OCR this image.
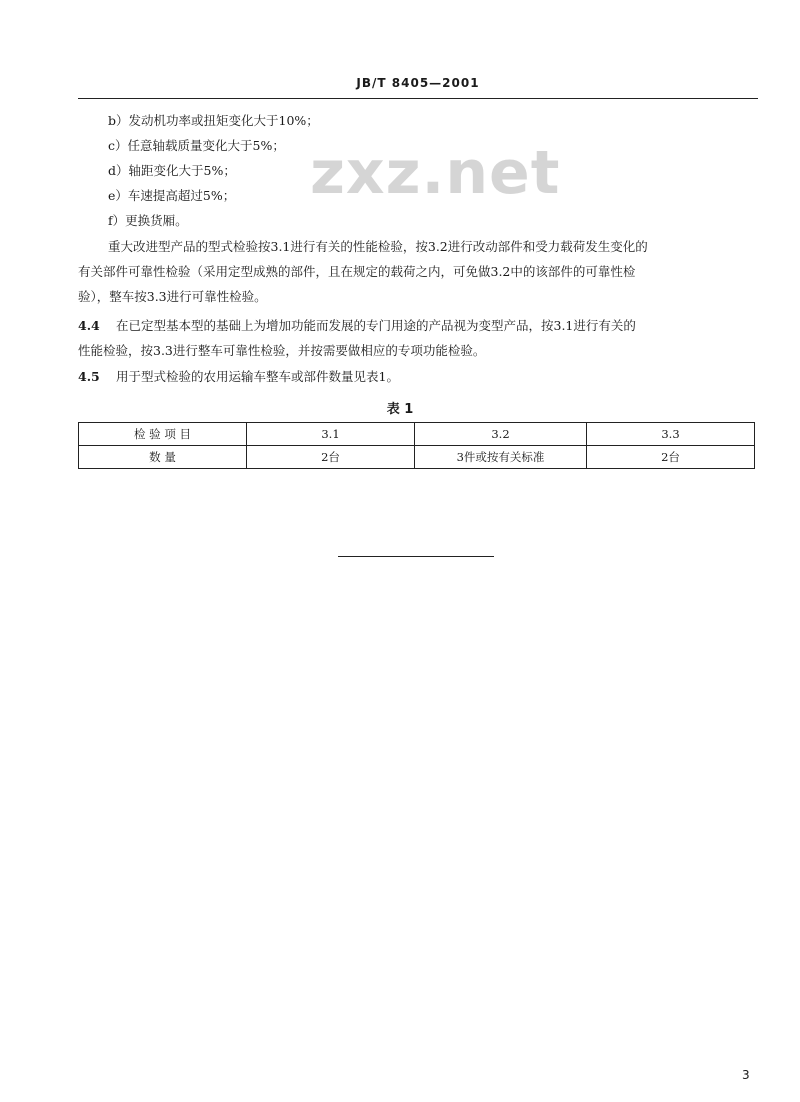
JB/T 8405—2001
zxz.net
b）发动机功率或扭矩变化大于10%；
c）任意轴载质量变化大于5%；
d）轴距变化大于5%；
e）车速提高超过5%；
f）更换货厢。
重大改进型产品的型式检验按3.1进行有关的性能检验，按3.2进行改动部件和受力载荷发生变化的
有关部件可靠性检验（采用定型成熟的部件，且在规定的载荷之内，可免做3.2中的该部件的可靠性检
验），整车按3.3进行可靠性检验。
4.4 在已定型基本型的基础上为增加功能而发展的专门用途的产品视为变型产品，按3.1进行有关的
性能检验，按3.3进行整车可靠性检验，并按需要做相应的专项功能检验。
4.5 用于型式检验的农用运输车整车或部件数量见表1。
表 1
检 验 项 目	3.1	3.2	3.3
数 量	2台	3件或按有关标准	2台
3
